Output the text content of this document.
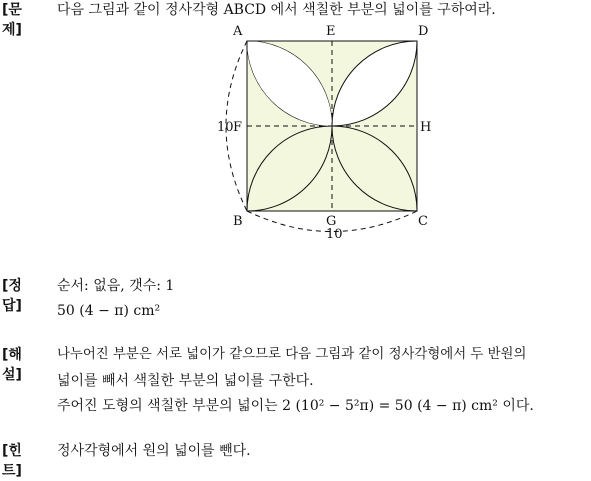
[문제]
다음 그림과 같이 정사각형 ABCD 에서 색칠한 부분의 넓이를 구하여라.
A	E	D
10 F	H
B	G	C
10
[정답]
순서: 없음, 갯수: 1
50 (4 − π) cm²
[해설]
나누어진 부분은 서로 넓이가 같으므로 다음 그림과 같이 정사각형에서 두 반원의
넓이를 빼서 색칠한 부분의 넓이를 구한다.
주어진 도형의 색칠한 부분의 넓이는 2 (10² − 5²π) = 50 (4 − π) cm² 이다.
[힌트]
정사각형에서 원의 넓이를 뺀다.
